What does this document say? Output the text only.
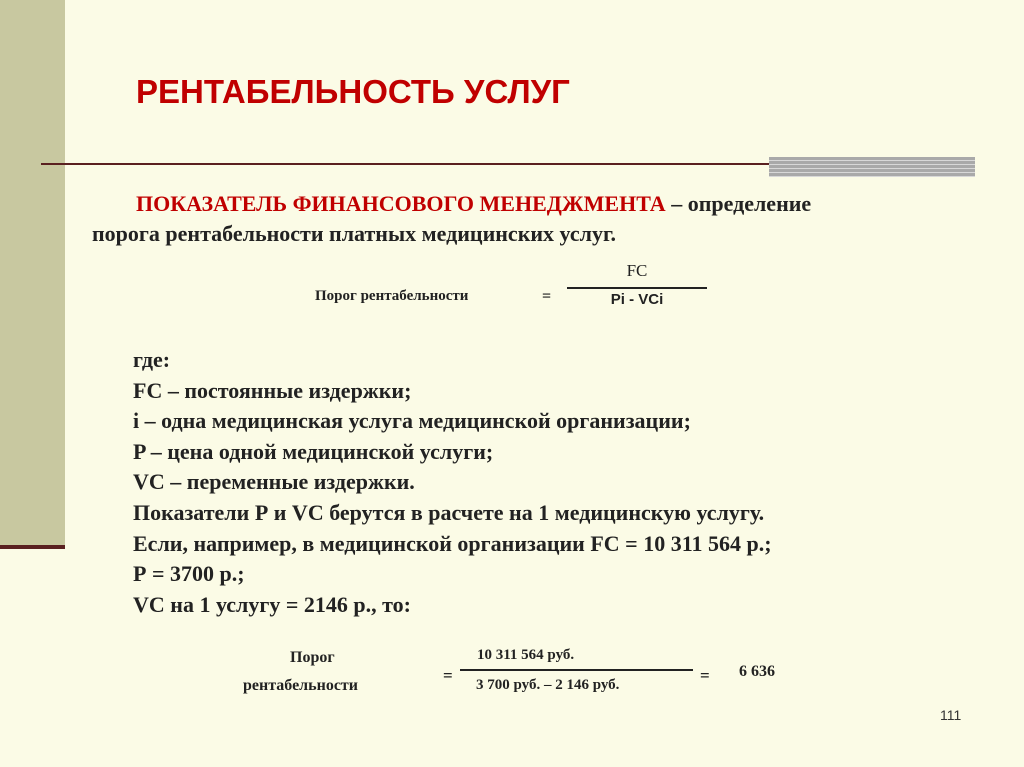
РЕНТАБЕЛЬНОСТЬ УСЛУГ
ПОКАЗАТЕЛЬ ФИНАНСОВОГО МЕНЕДЖМЕНТА – определение
порога рентабельности платных медицинских услуг.
Порог рентабельности	=
FC
Pi - VCi
где:
FC – постоянные издержки;
i – одна медицинская услуга медицинской организации;
P – цена одной медицинской услуги;
VC – переменные издержки.
Показатели Р и VC берутся в расчете на 1 медицинскую услугу.
Если, например, в медицинской организации FC = 10 311 564 р.;
Р = 3700 р.;
VC на 1 услугу = 2146 р., то:
Порог
рентабельности
=
10 311 564 руб.
3 700 руб. – 2 146 руб.	= 6 636
111
